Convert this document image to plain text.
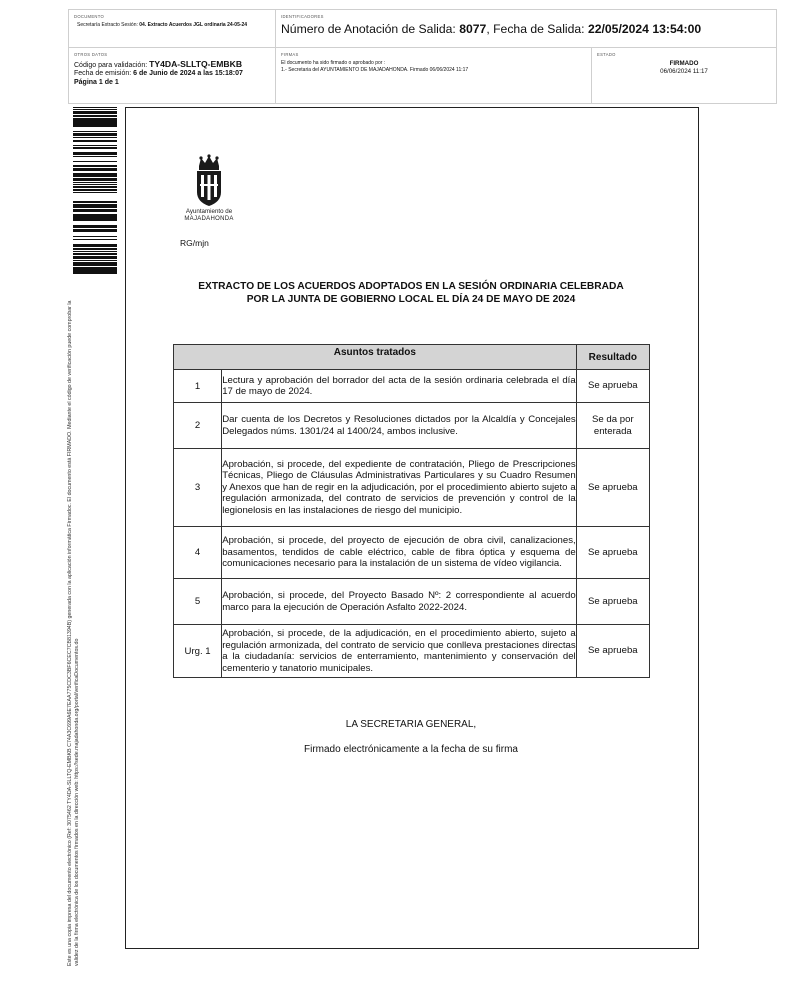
DOCUMENTO
Secretaría Extracto Sesión: 04. Extracto Acuerdos JGL ordinaria 24-05-24
IDENTIFICADORES
Número de Anotación de Salida: 8077, Fecha de Salida: 22/05/2024 13:54:00
OTROS DATOS
Código para validación: TY4DA-SLLTQ-EMBKB
Fecha de emisión: 6 de Junio de 2024 a las 15:18:07
Página 1 de 1
FIRMAS
El documento ha sido firmado o aprobado por :
1.- Secretaria del AYUNTAMIENTO DE MAJADAHONDA. Firmado 06/06/2024 11:17
ESTADO
FIRMADO
06/06/2024 11:17
Este es una copia impresa del documento electrónico (Ref: 3075462 TY4DA-SLLTQ-EMBKB C74A3C699A6E7EAA775CDC3BF6CEC7CB81394B) generada con la aplicación informática Firmadoc. El documento está FIRMADO. Mediante el código de verificación puede comprobar la validez de la firma electrónica de los documentos firmados en la dirección web: https://sede.majadahonda.org/portal/verificaDocumentos.do
Ayuntamiento de
MAJADAHONDA
RG/mjn
EXTRACTO DE LOS ACUERDOS ADOPTADOS EN LA SESIÓN ORDINARIA CELEBRADA
POR LA JUNTA DE GOBIERNO LOCAL EL DÍA 24 DE MAYO DE 2024
Asuntos tratados		Resultado
1	Lectura y aprobación del borrador del acta de la sesión ordinaria celebrada el día 17 de mayo de 2024.	Se aprueba

2	Dar cuenta de los Decretos y Resoluciones dictados por la Alcaldía y Concejales Delegados núms. 1301/24 al 1400/24, ambos inclusive.	Se da por enterada

3	Aprobación, si procede, del expediente de contratación, Pliego de Prescripciones Técnicas, Pliego de Cláusulas Administrativas Particulares y su Cuadro Resumen y Anexos que han de regir en la adjudicación, por el procedimiento abierto sujeto a regulación armonizada, del contrato de servicios de prevención y control de la legionelosis en las instalaciones de riesgo del municipio.	Se aprueba

4	Aprobación, si procede, del proyecto de ejecución de obra civil, canalizaciones, basamentos, tendidos de cable eléctrico, cable de fibra óptica y esquema de comunicaciones necesario para la instalación de un sistema de vídeo vigilancia.	Se aprueba

5	Aprobación, si procede, del Proyecto Basado Nº: 2 correspondiente al acuerdo marco para la ejecución de Operación Asfalto 2022-2024.	Se aprueba

Urg. 1	Aprobación, si procede, de la adjudicación, en el procedimiento abierto, sujeto a regulación armonizada, del contrato de servicio que conlleva prestaciones directas a la ciudadanía: servicios de enterramiento, mantenimiento y conservación del cementerio y tanatorio municipales.	Se aprueba
LA SECRETARIA GENERAL,
Firmado electrónicamente a la fecha de su firma
